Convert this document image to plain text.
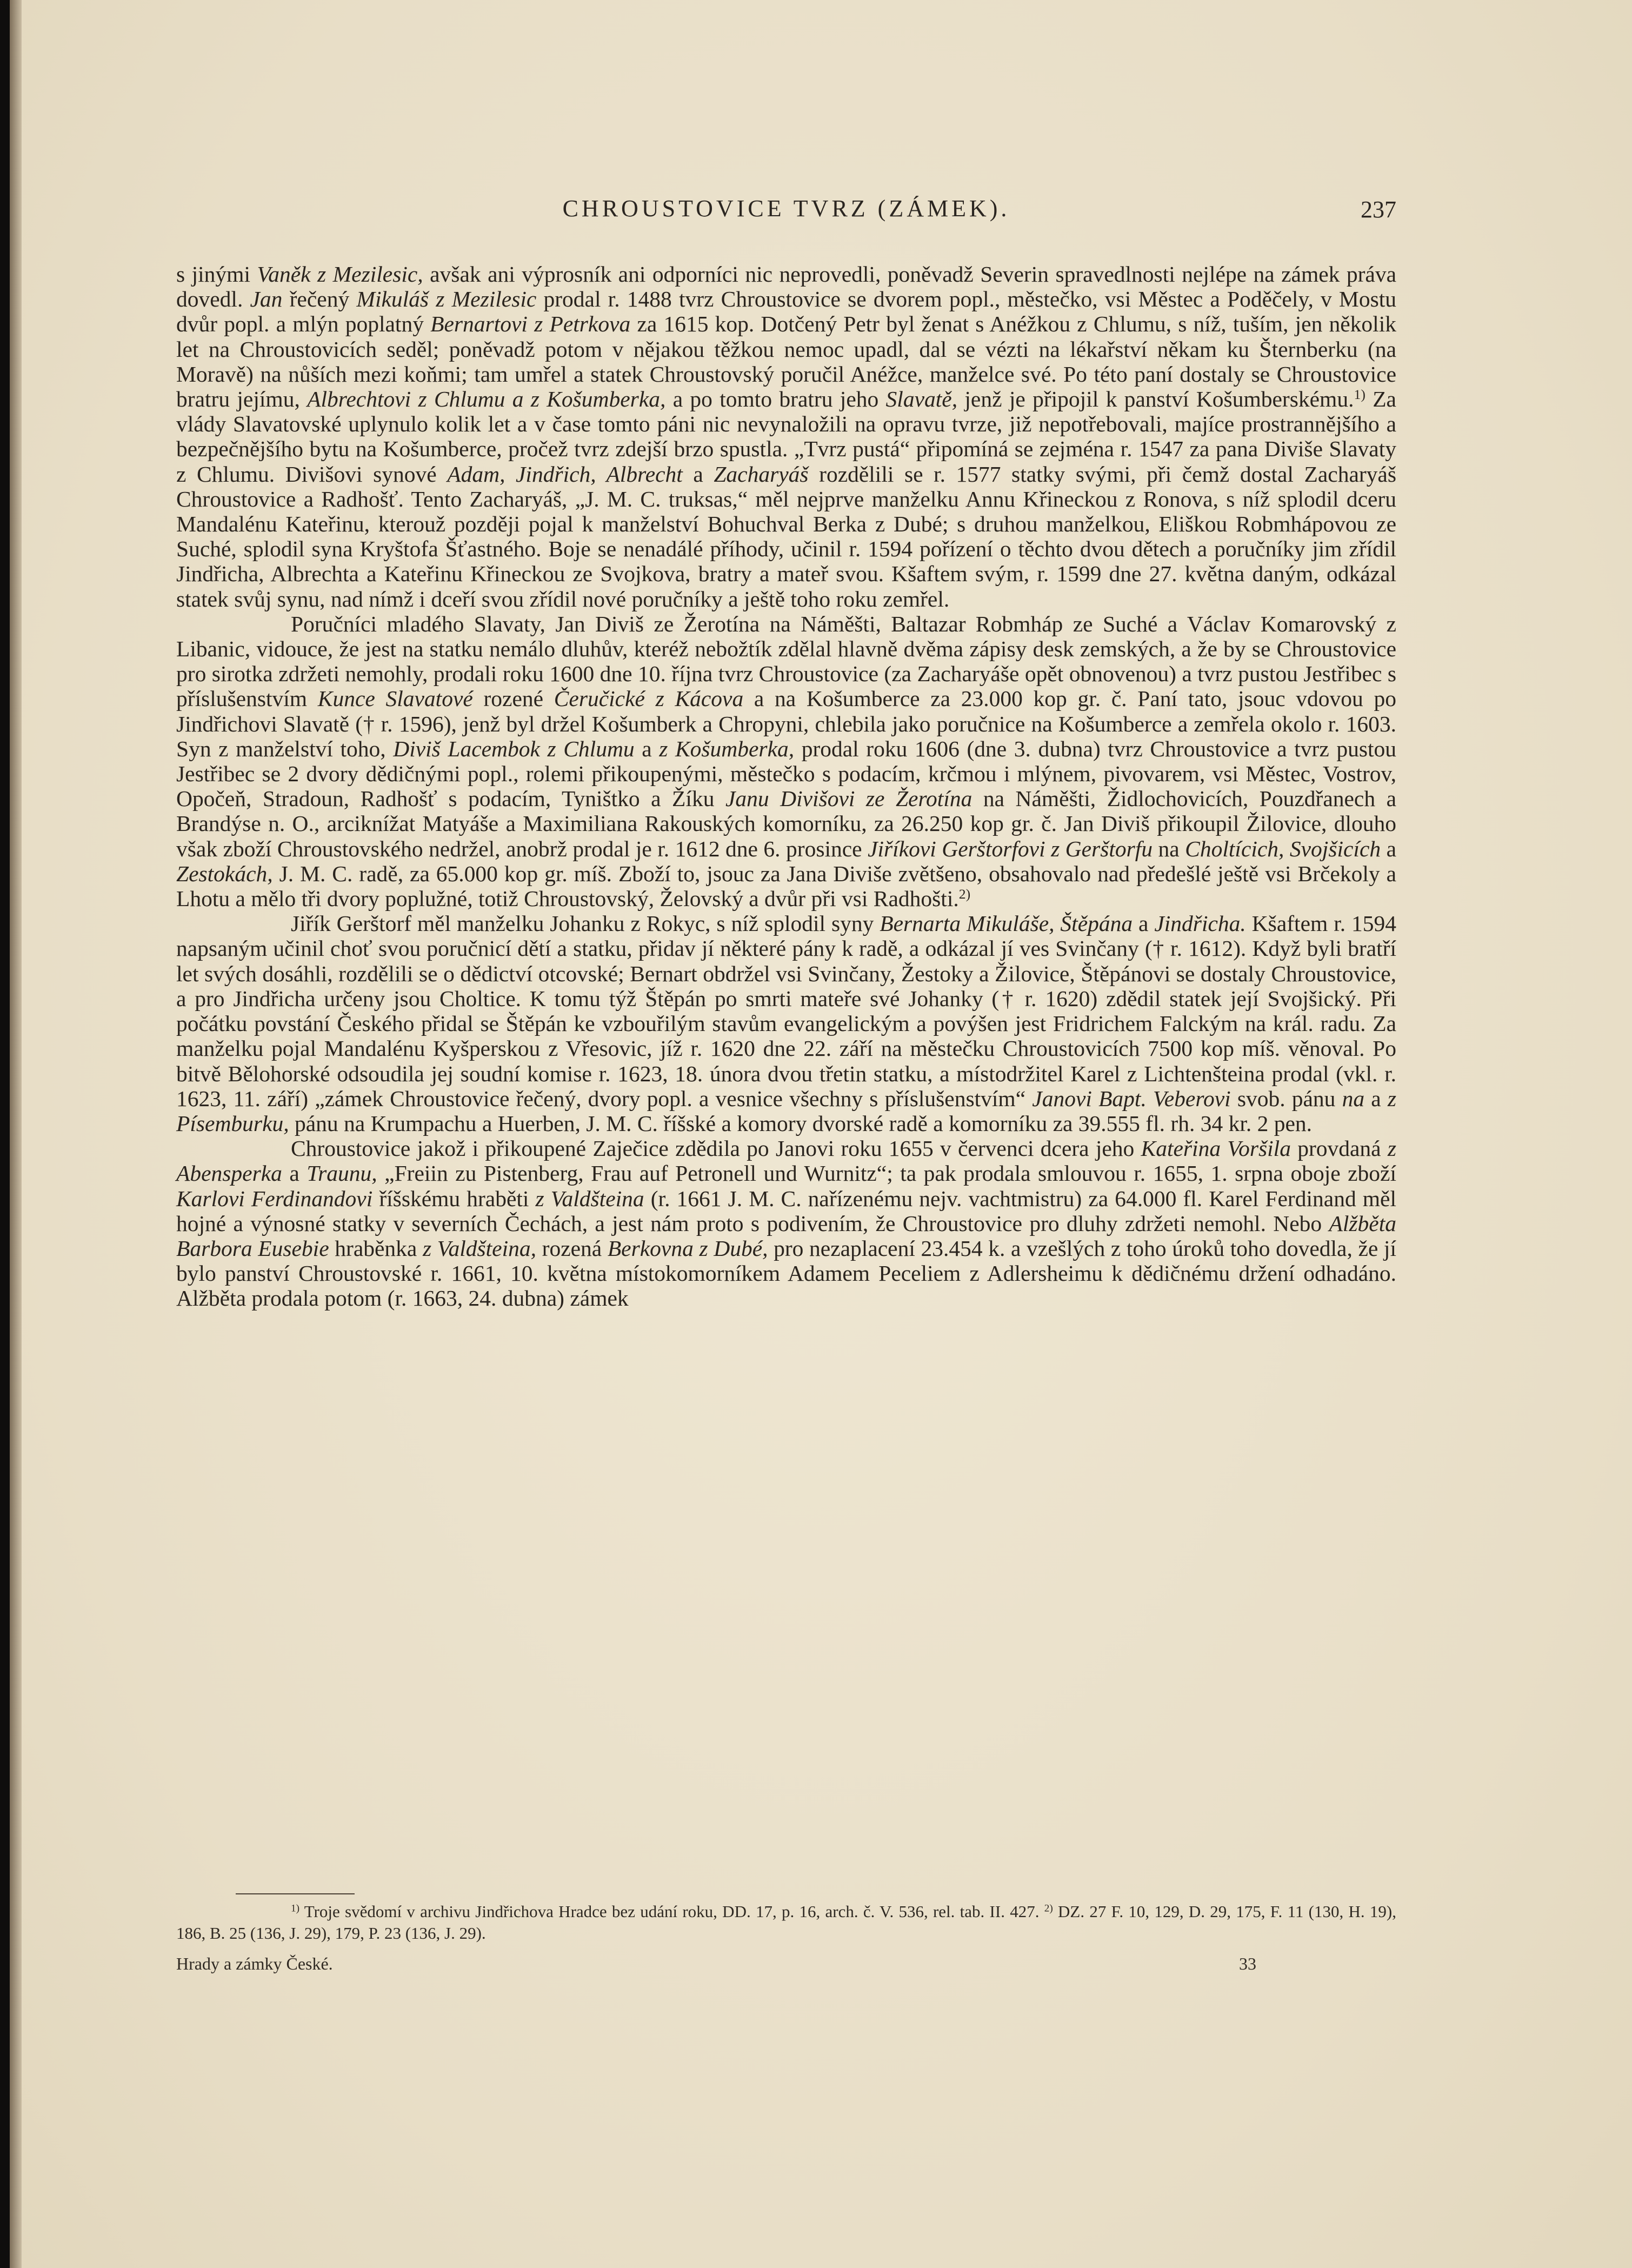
CHROUSTOVICE TVRZ (ZÁMEK).	237

s jinými Vaněk z Mezilesic, avšak ani výprosník ani odporníci nic neprovedli, poněvadž Severin spravedlnosti nejlépe na zámek práva dovedl. Jan řečený Mikuláš z Mezilesic prodal r. 1488 tvrz Chroustovice se dvorem popl., městečko, vsi Městec a Poděčely, v Mostu dvůr popl. a mlýn poplatný Bernartovi z Petrkova za 1615 kop. Dotčený Petr byl ženat s Anéžkou z Chlumu, s níž, tuším, jen několik let na Chroustovicích seděl; poněvadž potom v nějakou těžkou nemoc upadl, dal se vézti na lékařství někam ku Šternberku (na Moravě) na nůších mezi koňmi; tam umřel a statek Chroustovský poručil Anéžce, manželce své. Po této paní dostaly se Chroustovice bratru jejímu, Albrechtovi z Chlumu a z Košumberka, a po tomto bratru jeho Slavatě, jenž je připojil k panství Košumberskému.$^{1)}$ Za vlády Slavatovské uplynulo kolik let a v čase tomto páni nic nevynaložili na opravu tvrze, již nepotřebovali, majíce prostrannějšího a bezpečnějšího bytu na Košumberce, pročež tvrz zdejší brzo spustla. „Tvrz pustá“ připomíná se zejména r. 1547 za pana Diviše Slavaty z Chlumu. Divišovi synové Adam, Jindřich, Albrecht a Zacharyáš rozdělili se r. 1577 statky svými, při čemž dostal Zacharyáš Chroustovice a Radhošť. Tento Zacharyáš, „J. M. C. truksas,“ měl nejprve manželku Annu Křineckou z Ronova, s níž splodil dceru Mandalénu Kateřinu, kterouž později pojal k manželství Bohuchval Berka z Dubé; s druhou manželkou, Eliškou Robmhápovou ze Suché, splodil syna Kryštofa Šťastného. Boje se nenadálé příhody, učinil r. 1594 pořízení o těchto dvou dětech a poručníky jim zřídil Jindřicha, Albrechta a Kateřinu Křineckou ze Svojkova, bratry a mateř svou. Kšaftem svým, r. 1599 dne 27. května daným, odkázal statek svůj synu, nad nímž i dceří svou zřídil nové poručníky a ještě toho roku zemřel.

Poručníci mladého Slavaty, Jan Diviš ze Žerotína na Náměšti, Baltazar Robmháp ze Suché a Václav Komarovský z Libanic, vidouce, že jest na statku nemálo dluhův, kteréž nebožtík zdělal hlavně dvěma zápisy desk zemských, a že by se Chroustovice pro sirotka zdržeti nemohly, prodali roku 1600 dne 10. října tvrz Chroustovice (za Zacharyáše opět obnovenou) a tvrz pustou Jestřibec s příslušenstvím Kunce Slavatové rozené Čeručické z Kácova a na Košumberce za 23.000 kop gr. č. Paní tato, jsouc vdovou po Jindřichovi Slavatě († r. 1596), jenž byl držel Košumberk a Chropyni, chlebila jako poručnice na Košumberce a zemřela okolo r. 1603. Syn z manželství toho, Diviš Lacembok z Chlumu a z Košumberka, prodal roku 1606 (dne 3. dubna) tvrz Chroustovice a tvrz pustou Jestřibec se 2 dvory dědičnými popl., rolemi přikoupenými, městečko s podacím, krčmou i mlýnem, pivovarem, vsi Městec, Vostrov, Opočeň, Stradoun, Radhošť s podacím, Tyništko a Žíku Janu Divišovi ze Žerotína na Náměšti, Židlochovicích, Pouzdřanech a Brandýse n. O., arciknížat Matyáše a Maximiliana Rakouských komorníku, za 26.250 kop gr. č. Jan Diviš přikoupil Žilovice, dlouho však zboží Chroustovského nedržel, anobrž prodal je r. 1612 dne 6. prosince Jiříkovi Gerštorfovi z Gerštorfu na Choltícich, Svojšicích a Zestokách, J. M. C. radě, za 65.000 kop gr. míš. Zboží to, jsouc za Jana Diviše zvětšeno, obsahovalo nad předešlé ještě vsi Brčekoly a Lhotu a mělo tři dvory poplužné, totiž Chroustovský, Želovský a dvůr při vsi Radhošti.$^{2)}$

Jiřík Gerštorf měl manželku Johanku z Rokyc, s níž splodil syny Bernarta Mikuláše, Štěpána a Jindřicha. Kšaftem r. 1594 napsaným učinil choť svou poručnicí dětí a statku, přidav jí některé pány k radě, a odkázal jí ves Svinčany († r. 1612). Když byli bratří let svých dosáhli, rozdělili se o dědictví otcovské; Bernart obdržel vsi Svinčany, Žestoky a Žilovice, Štěpánovi se dostaly Chroustovice, a pro Jindřicha určeny jsou Choltice. K tomu týž Štěpán po smrti mateře své Johanky († r. 1620) zdědil statek její Svojšický. Při počátku povstání Českého přidal se Štěpán ke vzbouřilým stavům evangelickým a povýšen jest Fridrichem Falckým na král. radu. Za manželku pojal Mandalénu Kyšperskou z Vřesovic, jíž r. 1620 dne 22. září na městečku Chroustovicích 7500 kop míš. věnoval. Po bitvě Bělohorské odsoudila jej soudní komise r. 1623, 18. února dvou třetin statku, a místodržitel Karel z Lichtenšteina prodal (vkl. r. 1623, 11. září) „zámek Chroustovice řečený, dvory popl. a vesnice všechny s příslušenstvím“ Janovi Bapt. Veberovi svob. pánu na a z Písemburku, pánu na Krumpachu a Huerben, J. M. C. říšské a komory dvorské radě a komorníku za 39.555 fl. rh. 34 kr. 2 pen.

Chroustovice jakož i přikoupené Zaječice zdědila po Janovi roku 1655 v červenci dcera jeho Kateřina Voršila provdaná z Abensperka a Traunu, „Freiin zu Pistenberg, Frau auf Petronell und Wurnitz“; ta pak prodala smlouvou r. 1655, 1. srpna oboje zboží Karlovi Ferdinandovi říšskému hraběti z Valdšteina (r. 1661 J. M. C. nařízenému nejv. vachtmistru) za 64.000 fl. Karel Ferdinand měl hojné a výnosné statky v severních Čechách, a jest nám proto s podivením, že Chroustovice pro dluhy zdržeti nemohl. Nebo Alžběta Barbora Eusebie hraběnka z Valdšteina, rozená Berkovna z Dubé, pro nezaplacení 23.454 k. a vzešlých z toho úroků toho dovedla, že jí bylo panství Chroustovské r. 1661, 10. května místokomorníkem Adamem Peceliem z Adlersheimu k dědičnému držení odhadáno. Alžběta prodala potom (r. 1663, 24. dubna) zámek

$^{1)}$ Troje svědomí v archivu Jindřichova Hradce bez udání roku, DD. 17, p. 16, arch. č. V. 536, rel. tab. II. 427. $^{2)}$ DZ. 27 F. 10, 129, D. 29, 175, F. 11 (130, H. 19), 186, B. 25 (136, J. 29), 179, P. 23 (136, J. 29).

Hrady a zámky České.	33
